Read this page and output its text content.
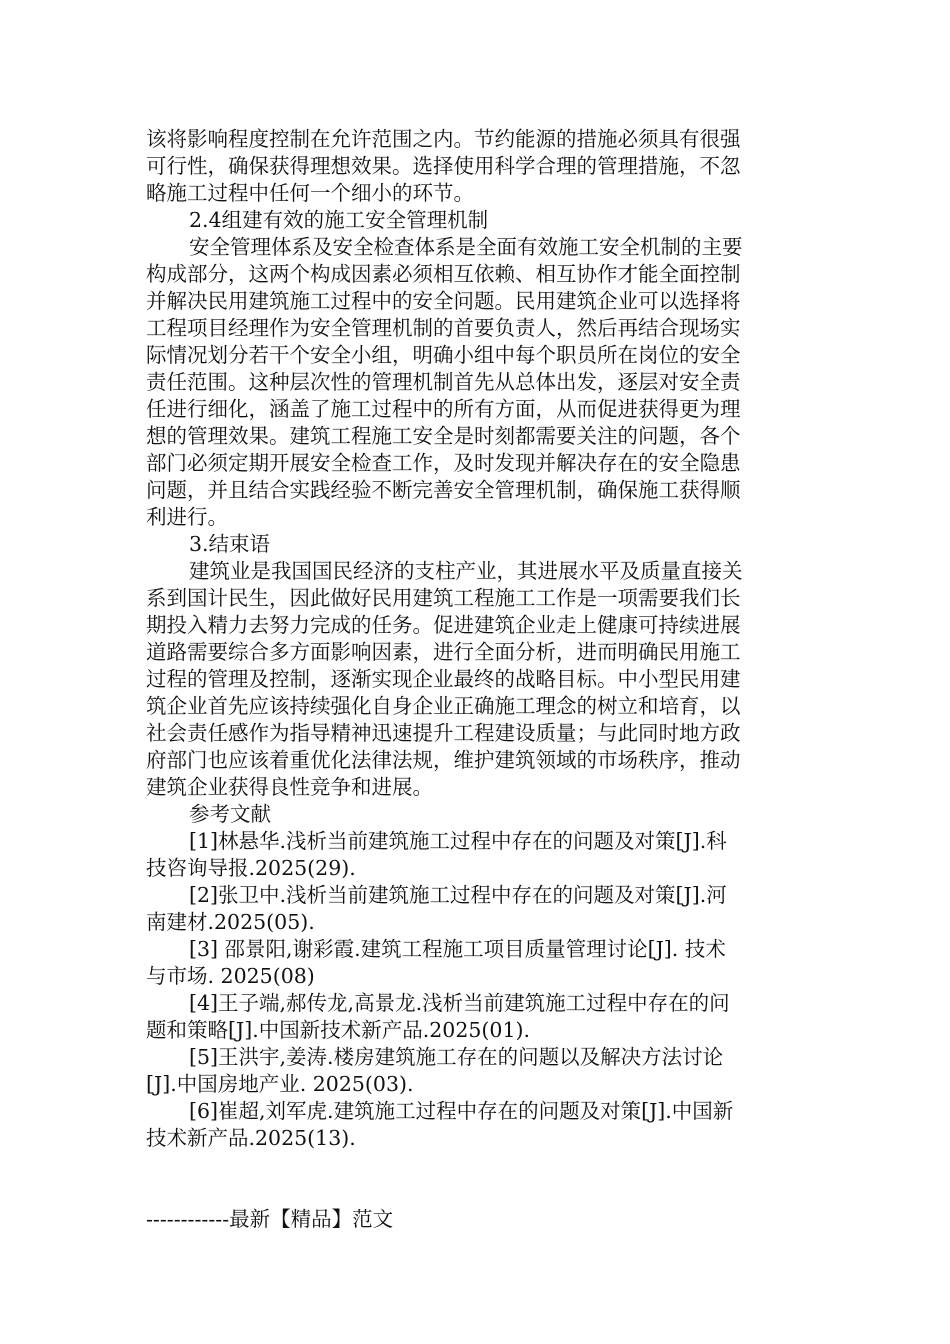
该将影响程度控制在允许范围之内。节约能源的措施必须具有很强
可行性，确保获得理想效果。选择使用科学合理的管理措施，不忽
略施工过程中任何一个细小的环节。
2.4组建有效的施工安全管理机制
安全管理体系及安全检查体系是全面有效施工安全机制的主要
构成部分，这两个构成因素必须相互依赖、相互协作才能全面控制
并解决民用建筑施工过程中的安全问题。民用建筑企业可以选择将
工程项目经理作为安全管理机制的首要负责人，然后再结合现场实
际情况划分若干个安全小组，明确小组中每个职员所在岗位的安全
责任范围。这种层次性的管理机制首先从总体出发，逐层对安全责
任进行细化，涵盖了施工过程中的所有方面，从而促进获得更为理
想的管理效果。建筑工程施工安全是时刻都需要关注的问题，各个
部门必须定期开展安全检查工作，及时发现并解决存在的安全隐患
问题，并且结合实践经验不断完善安全管理机制，确保施工获得顺
利进行。
3.结束语
建筑业是我国国民经济的支柱产业，其进展水平及质量直接关
系到国计民生，因此做好民用建筑工程施工工作是一项需要我们长
期投入精力去努力完成的任务。促进建筑企业走上健康可持续进展
道路需要综合多方面影响因素，进行全面分析，进而明确民用施工
过程的管理及控制，逐渐实现企业最终的战略目标。中小型民用建
筑企业首先应该持续强化自身企业正确施工理念的树立和培育，以
社会责任感作为指导精神迅速提升工程建设质量；与此同时地方政
府部门也应该着重优化法律法规，维护建筑领域的市场秩序，推动
建筑企业获得良性竞争和进展。
参考文献
[1]林悬华.浅析当前建筑施工过程中存在的问题及对策[J].科
技咨询导报.2025(29).
[2]张卫中.浅析当前建筑施工过程中存在的问题及对策[J].河
南建材.2025(05).
[3] 邵景阳,谢彩霞.建筑工程施工项目质量管理讨论[J]. 技术
与市场. 2025(08)
[4]王子端,郝传龙,高景龙.浅析当前建筑施工过程中存在的问
题和策略[J].中国新技术新产品.2025(01).
[5]王洪宇,姜涛.楼房建筑施工存在的问题以及解决方法讨论
[J].中国房地产业. 2025(03).
[6]崔超,刘军虎.建筑施工过程中存在的问题及对策[J].中国新
技术新产品.2025(13).
------------最新【精品】范文
